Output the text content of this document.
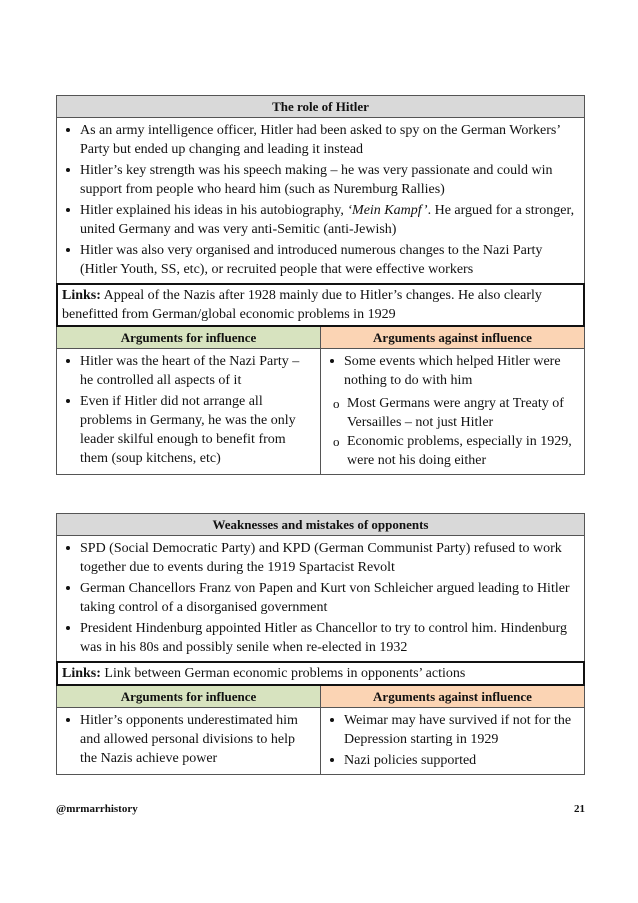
The role of Hitler
As an army intelligence officer, Hitler had been asked to spy on the German Workers’ Party but ended up changing and leading it instead
Hitler’s key strength was his speech making – he was very passionate and could win support from people who heard him (such as Nuremburg Rallies)
Hitler explained his ideas in his autobiography, ‘Mein Kampf’. He argued for a stronger, united Germany and was very anti-Semitic (anti-Jewish)
Hitler was also very organised and introduced numerous changes to the Nazi Party (Hitler Youth, SS, etc), or recruited people that were effective workers
Links: Appeal of the Nazis after 1928 mainly due to Hitler’s changes. He also clearly benefitted from German/global economic problems in 1929
Arguments for influence
Hitler was the heart of the Nazi Party – he controlled all aspects of it
Even if Hitler did not arrange all problems in Germany, he was the only leader skilful enough to benefit from them (soup kitchens, etc)
Arguments against influence
Some events which helped Hitler were nothing to do with him
o Most Germans were angry at Treaty of Versailles – not just Hitler
o Economic problems, especially in 1929, were not his doing either
Weaknesses and mistakes of opponents
SPD (Social Democratic Party) and KPD (German Communist Party) refused to work together due to events during the 1919 Spartacist Revolt
German Chancellors Franz von Papen and Kurt von Schleicher argued leading to Hitler taking control of a disorganised government
President Hindenburg appointed Hitler as Chancellor to try to control him. Hindenburg was in his 80s and possibly senile when re-elected in 1932
Links: Link between German economic problems in opponents’ actions
Arguments for influence
Hitler’s opponents underestimated him and allowed personal divisions to help the Nazis achieve power
Arguments against influence
Weimar may have survived if not for the Depression starting in 1929
Nazi policies supported
@mrmarrhistory	21
